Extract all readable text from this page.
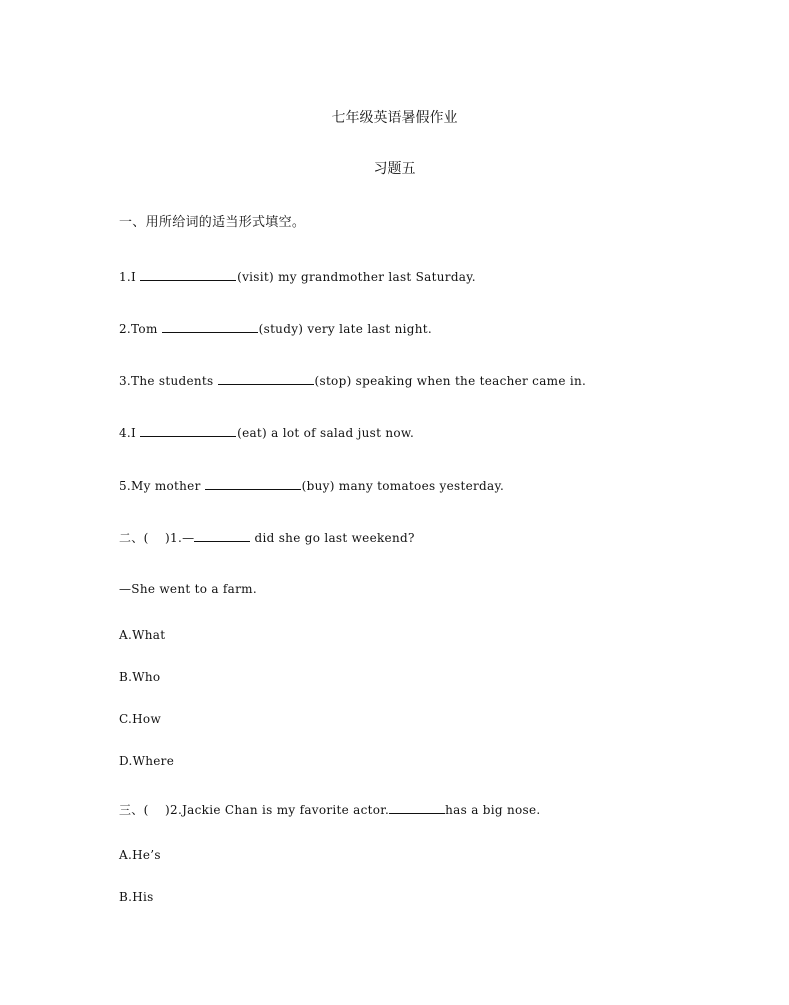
七年级英语暑假作业
习题五
一、用所给词的适当形式填空。
1.I	(visit) my grandmother last Saturday.
2.Tom	(study) very late last night.
3.The students	(stop) speaking when the teacher came in.
4.I	(eat) a lot of salad just now.
5.My mother	(buy) many tomatoes yesterday.
二、(    )1.—	did she go last weekend?
—She went to a farm.
A.What
B.Who
C.How
D.Where
三、(    )2.Jackie Chan is my favorite actor.	has a big nose.
A.He’s
B.His
